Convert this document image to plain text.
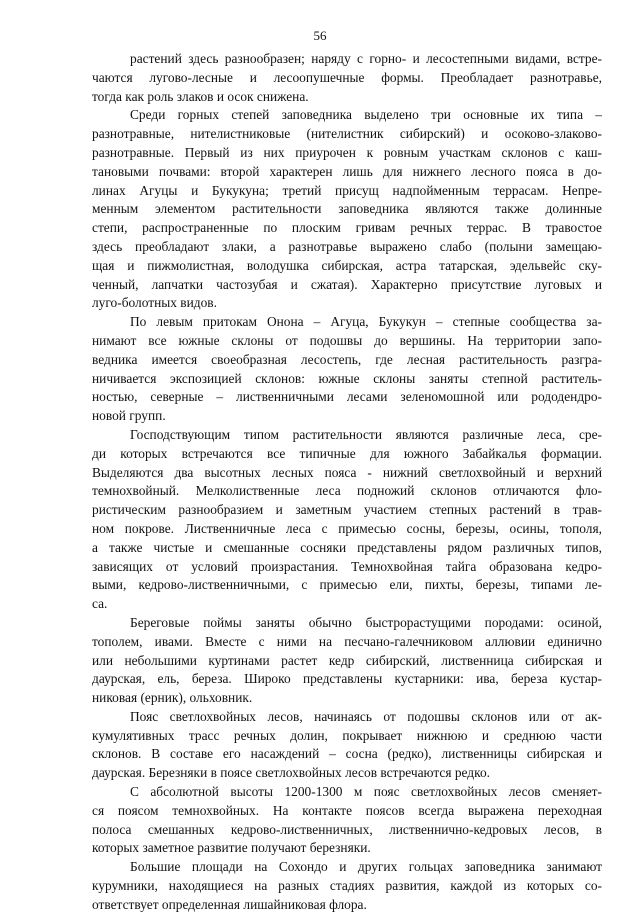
56
растений здесь разнообразен; наряду с горно- и лесостепными видами, встре-
чаются лугово-лесные и лесоопушечные формы. Преобладает разнотравье,
тогда как роль злаков и осок снижена.
Среди горных степей заповедника выделено три основные их типа –
разнотравные, нителистниковые (нителистник сибирский) и осоково-злаково-
разнотравные. Первый из них приурочен к ровным участкам склонов с каш-
тановыми почвами: второй характерен лишь для нижнего лесного пояса в до-
линах Агуцы и Букукуна; третий присущ надпойменным террасам. Непре-
менным элементом растительности заповедника являются также долинные
степи, распространенные по плоским гривам речных террас. В травостое
здесь преобладают злаки, а разнотравье выражено слабо (полыни замещаю-
щая и пижмолистная, володушка сибирская, астра татарская, эдельвейс ску-
ченный, лапчатки частозубая и сжатая). Характерно присутствие луговых и
луго-болотных видов.
По левым притокам Онона – Агуца, Букукун – степные сообщества за-
нимают все южные склоны от подошвы до вершины. На территории запо-
ведника имеется своеобразная лесостепь, где лесная растительность разгра-
ничивается экспозицией склонов: южные склоны заняты степной раститель-
ностью, северные – лиственничными лесами зеленомошной или рододендро-
новой групп.
Господствующим типом растительности являются различные леса, сре-
ди которых встречаются все типичные для южного Забайкалья формации.
Выделяются два высотных лесных пояса - нижний светлохвойный и верхний
темнохвойный. Мелколиственные леса подножий склонов отличаются фло-
ристическим разнообразием и заметным участием степных растений в трав-
ном покрове. Лиственничные леса с примесью сосны, березы, осины, тополя,
а также чистые и смешанные сосняки представлены рядом различных типов,
зависящих от условий произрастания. Темнохвойная тайга образована кедро-
выми, кедрово-лиственничными, с примесью ели, пихты, березы, типами ле-
са.
Береговые поймы заняты обычно быстрорастущими породами: осиной,
тополем, ивами. Вместе с ними на песчано-галечниковом аллювии единично
или небольшими куртинами растет кедр сибирский, лиственница сибирская и
даурская, ель, береза. Широко представлены кустарники: ива, береза кустар-
никовая (ерник), ольховник.
Пояс светлохвойных лесов, начинаясь от подошвы склонов или от ак-
кумулятивных трасс речных долин, покрывает нижнюю и среднюю части
склонов. В составе его насаждений – сосна (редко), лиственницы сибирская и
даурская. Березняки в поясе светлохвойных лесов встречаются редко.
С абсолютной высоты 1200-1300 м пояс светлохвойных лесов сменяет-
ся поясом темнохвойных. На контакте поясов всегда выражена переходная
полоса смешанных кедрово-лиственничных, лиственнично-кедровых лесов, в
которых заметное развитие получают березняки.
Большие площади на Сохондо и других гольцах заповедника занимают
курумники, находящиеся на разных стадиях развития, каждой из которых со-
ответствует определенная лишайниковая флора.
